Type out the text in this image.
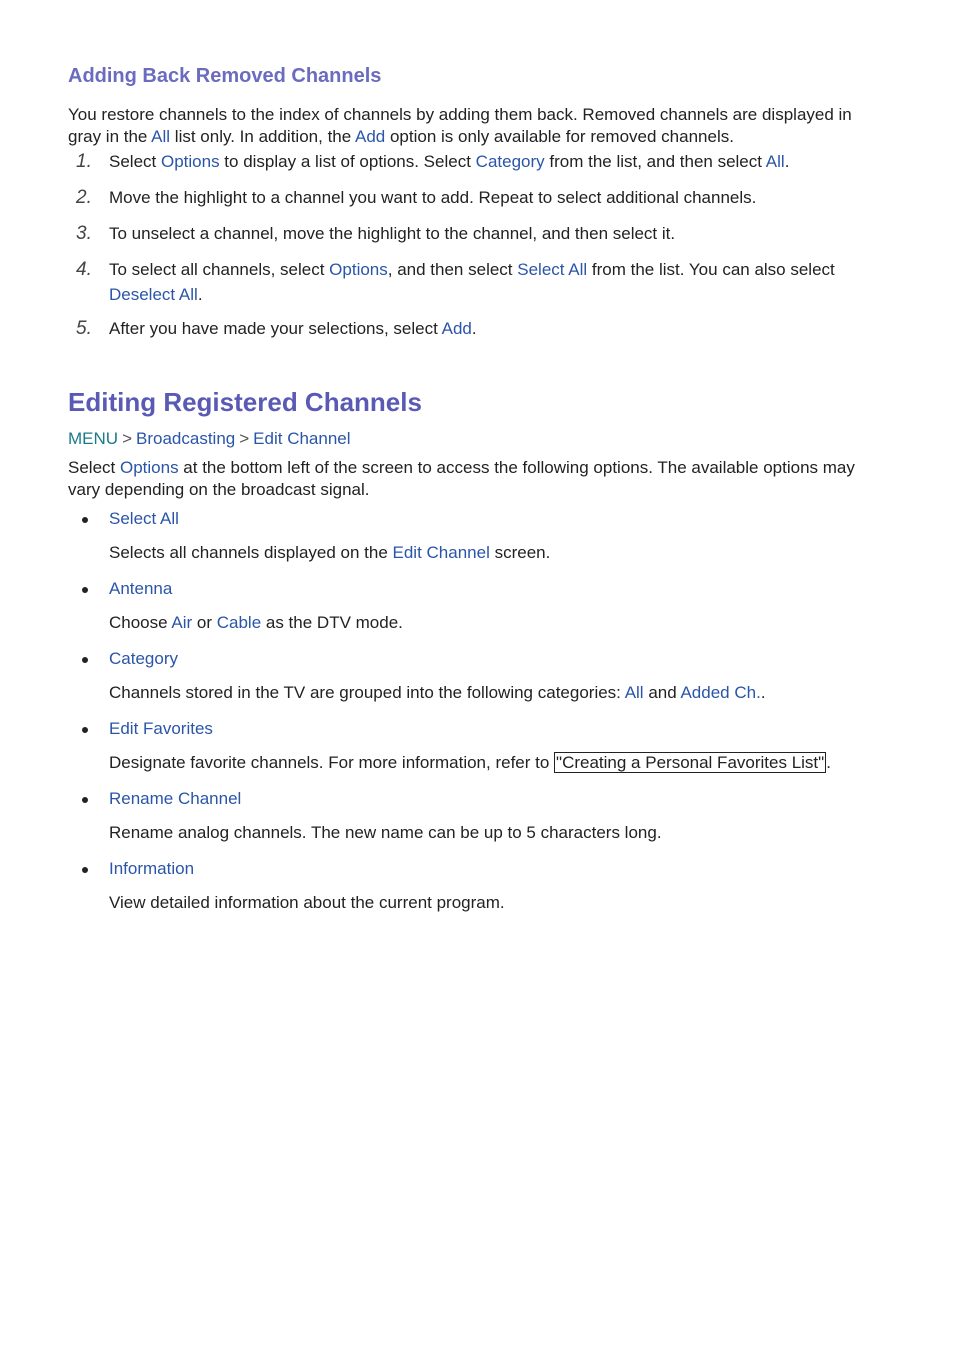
Adding Back Removed Channels

You restore channels to the index of channels by adding them back. Removed channels are displayed in gray in the All list only. In addition, the Add option is only available for removed channels.

1. Select Options to display a list of options. Select Category from the list, and then select All.
2. Move the highlight to a channel you want to add. Repeat to select additional channels.
3. To unselect a channel, move the highlight to the channel, and then select it.
4. To select all channels, select Options, and then select Select All from the list. You can also select Deselect All.
5. After you have made your selections, select Add.
Editing Registered Channels
MENU > Broadcasting > Edit Channel

Select Options at the bottom left of the screen to access the following options. The available options may vary depending on the broadcast signal.

Select All
Selects all channels displayed on the Edit Channel screen.
Antenna
Choose Air or Cable as the DTV mode.
Category
Channels stored in the TV are grouped into the following categories: All and Added Ch..
Edit Favorites
Designate favorite channels. For more information, refer to "Creating a Personal Favorites List" .
Rename Channel
Rename analog channels. The new name can be up to 5 characters long.
Information
View detailed information about the current program.
